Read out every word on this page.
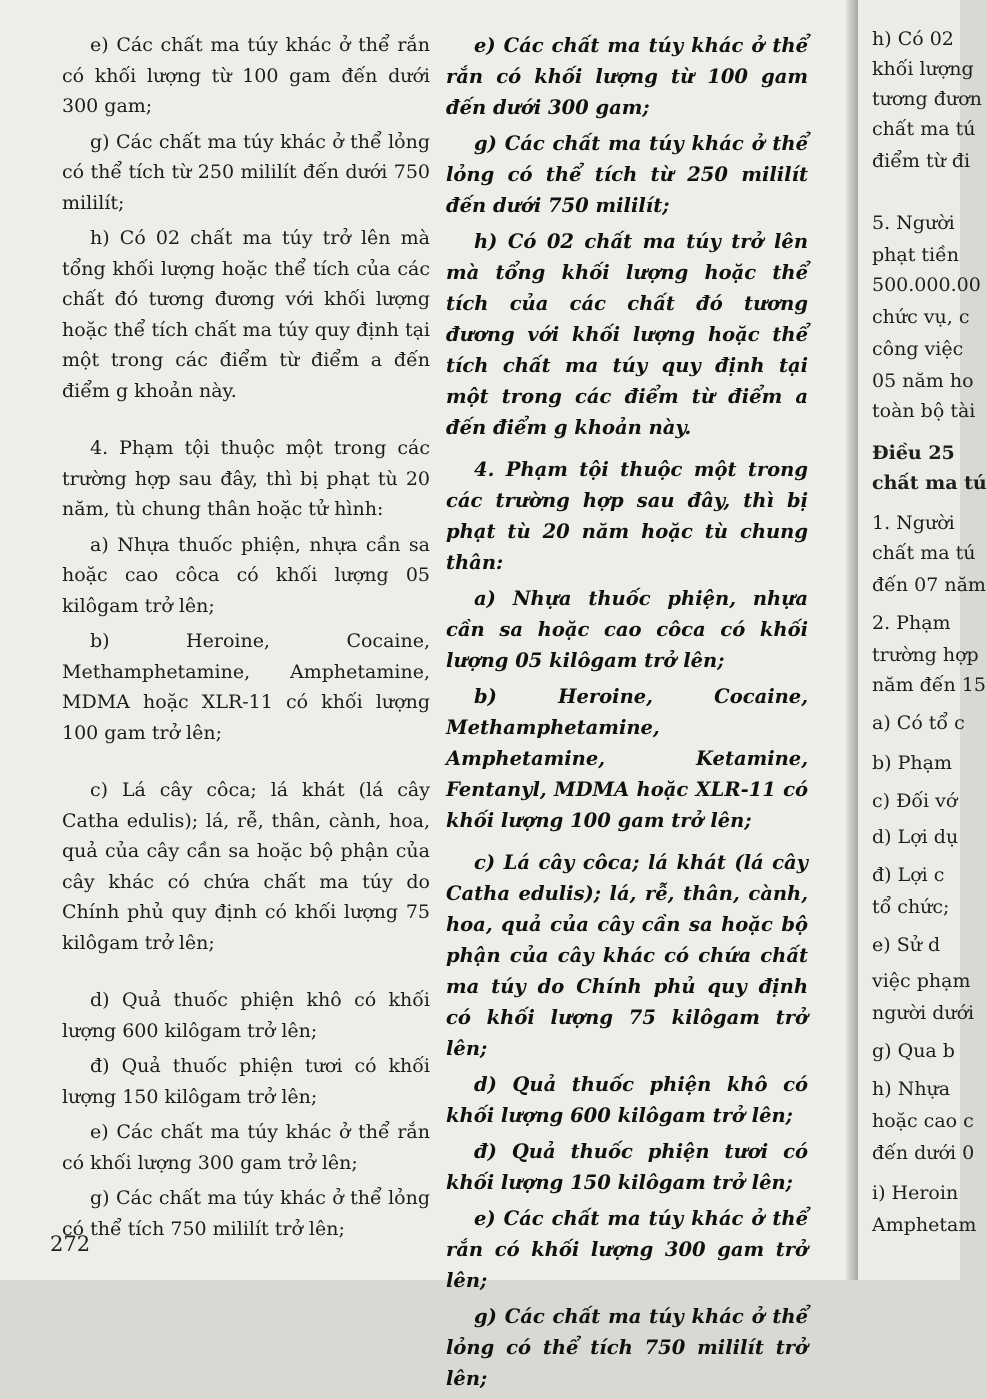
e) Các chất ma túy khác ở thể rắn có khối lượng từ 100 gam đến dưới 300 gam;

g) Các chất ma túy khác ở thể lỏng có thể tích từ 250 mililít đến dưới 750 mililít;

h) Có 02 chất ma túy trở lên mà tổng khối lượng hoặc thể tích của các chất đó tương đương với khối lượng hoặc thể tích chất ma túy quy định tại một trong các điểm từ điểm a đến điểm g khoản này.

4. Phạm tội thuộc một trong các trường hợp sau đây, thì bị phạt tù 20 năm, tù chung thân hoặc tử hình:

a) Nhựa thuốc phiện, nhựa cần sa hoặc cao côca có khối lượng 05 kilôgam trở lên;

b) Heroine, Cocaine, Methamphetamine, Amphetamine, MDMA hoặc XLR-11 có khối lượng 100 gam trở lên;

c) Lá cây côca; lá khát (lá cây Catha edulis); lá, rễ, thân, cành, hoa, quả của cây cần sa hoặc bộ phận của cây khác có chứa chất ma túy do Chính phủ quy định có khối lượng 75 kilôgam trở lên;

d) Quả thuốc phiện khô có khối lượng 600 kilôgam trở lên;

đ) Quả thuốc phiện tươi có khối lượng 150 kilôgam trở lên;

e) Các chất ma túy khác ở thể rắn có khối lượng 300 gam trở lên;

g) Các chất ma túy khác ở thể lỏng có thể tích 750 mililít trở lên;

e) Các chất ma túy khác ở thể rắn có khối lượng từ 100 gam đến dưới 300 gam;

g) Các chất ma túy khác ở thể lỏng có thể tích từ 250 mililít đến dưới 750 mililít;

h) Có 02 chất ma túy trở lên mà tổng khối lượng hoặc thể tích của các chất đó tương đương với khối lượng hoặc thể tích chất ma túy quy định tại một trong các điểm từ điểm a đến điểm g khoản này.

4. Phạm tội thuộc một trong các trường hợp sau đây, thì bị phạt tù 20 năm hoặc tù chung thân:

a) Nhựa thuốc phiện, nhựa cần sa hoặc cao côca có khối lượng 05 kilôgam trở lên;

b) Heroine, Cocaine, Methamphetamine, Amphetamine, Ketamine, Fentanyl, MDMA hoặc XLR-11 có khối lượng 100 gam trở lên;

c) Lá cây côca; lá khát (lá cây Catha edulis); lá, rễ, thân, cành, hoa, quả của cây cần sa hoặc bộ phận của cây khác có chứa chất ma túy do Chính phủ quy định có khối lượng 75 kilôgam trở lên;

d) Quả thuốc phiện khô có khối lượng 600 kilôgam trở lên;

đ) Quả thuốc phiện tươi có khối lượng 150 kilôgam trở lên;

e) Các chất ma túy khác ở thể rắn có khối lượng 300 gam trở lên;

g) Các chất ma túy khác ở thể lỏng có thể tích 750 mililít trở lên;

272
h) Có 02
khối lượng
tương đươn
chất ma tú
điểm từ đi
5. Người
phạt tiền
500.000.00
chức vụ, c
công việc
05 năm ho
toàn bộ tài
Điều 25
chất ma tú
1. Người
chất ma tú
đến 07 năm
2. Phạm
trường hợp
năm đến 15
a) Có tổ c
b) Phạm
c) Đối vớ
d) Lợi dụ
đ) Lợi c
tổ chức;
e) Sử d
việc phạm
người dưới
g) Qua b
h) Nhựa
hoặc cao c
đến dưới 0
i) Heroin
Amphetam
